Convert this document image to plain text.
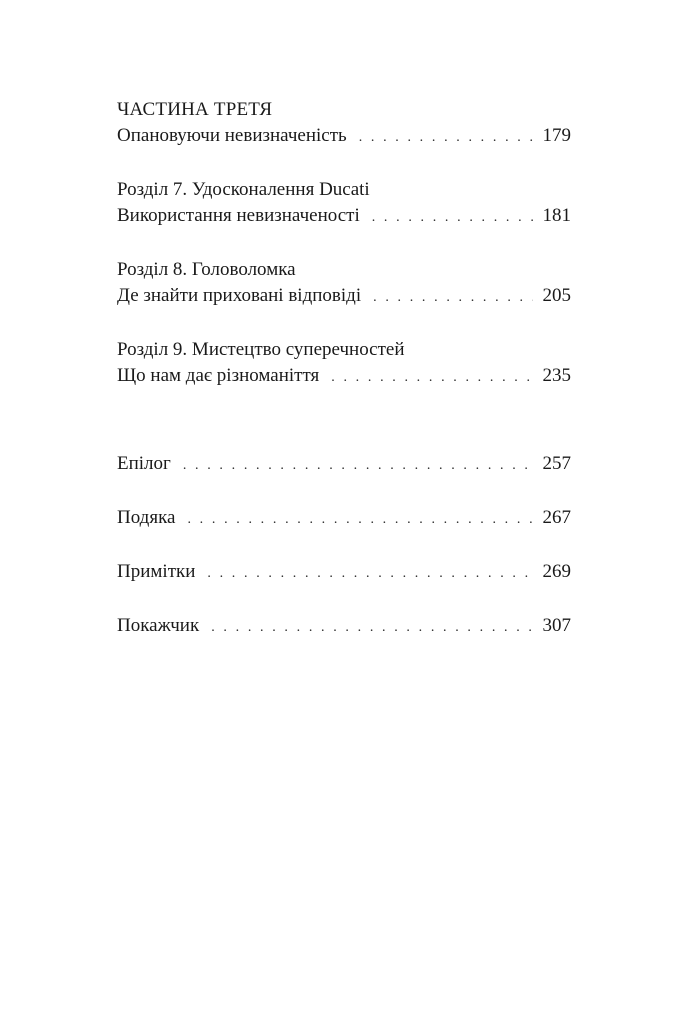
ЧАСТИНА ТРЕТЯ
Опановуючи невизначеність . . .	179
Розділ 7. Удосконалення Ducati
Використання невизначеності . . .	181
Розділ 8. Головоломка
Де знайти приховані відповіді . . .	205
Розділ 9. Мистецтво суперечностей
Що нам дає різноманіття . . .	235
Епілог . . .	257
Подяка . . .	267
Примітки . . .	269
Покажчик . . .	307
